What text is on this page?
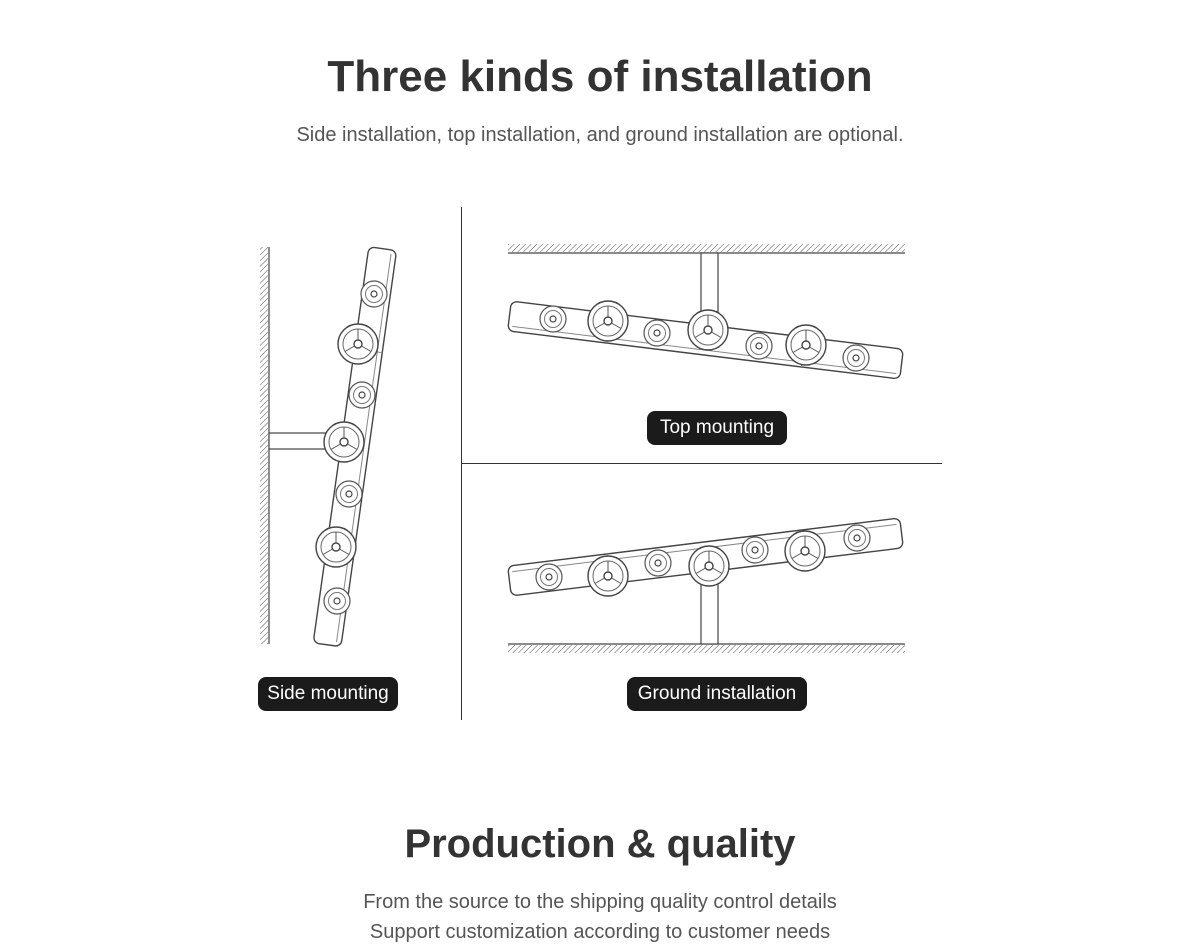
Three kinds of installation

Side installation, top installation, and ground installation are optional.

Side mounting
Top mounting
Ground installation
Production & quality

From the source to the shipping quality control details

Support customization according to customer needs
